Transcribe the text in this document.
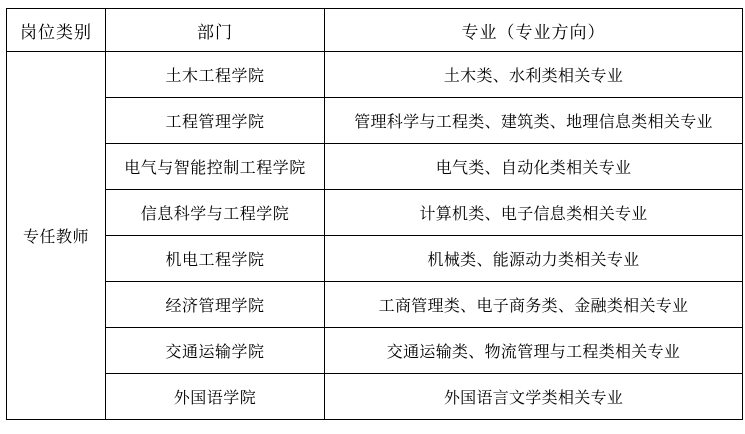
岗位类别	部门	专业（专业方向）
专任教师	土木工程学院	土木类、水利类相关专业
	工程管理学院	管理科学与工程类、建筑类、地理信息类相关专业
	电气与智能控制工程学院	电气类、自动化类相关专业
	信息科学与工程学院	计算机类、电子信息类相关专业
	机电工程学院	机械类、能源动力类相关专业
	经济管理学院	工商管理类、电子商务类、金融类相关专业
	交通运输学院	交通运输类、物流管理与工程类相关专业
	外国语学院	外国语言文学类相关专业
